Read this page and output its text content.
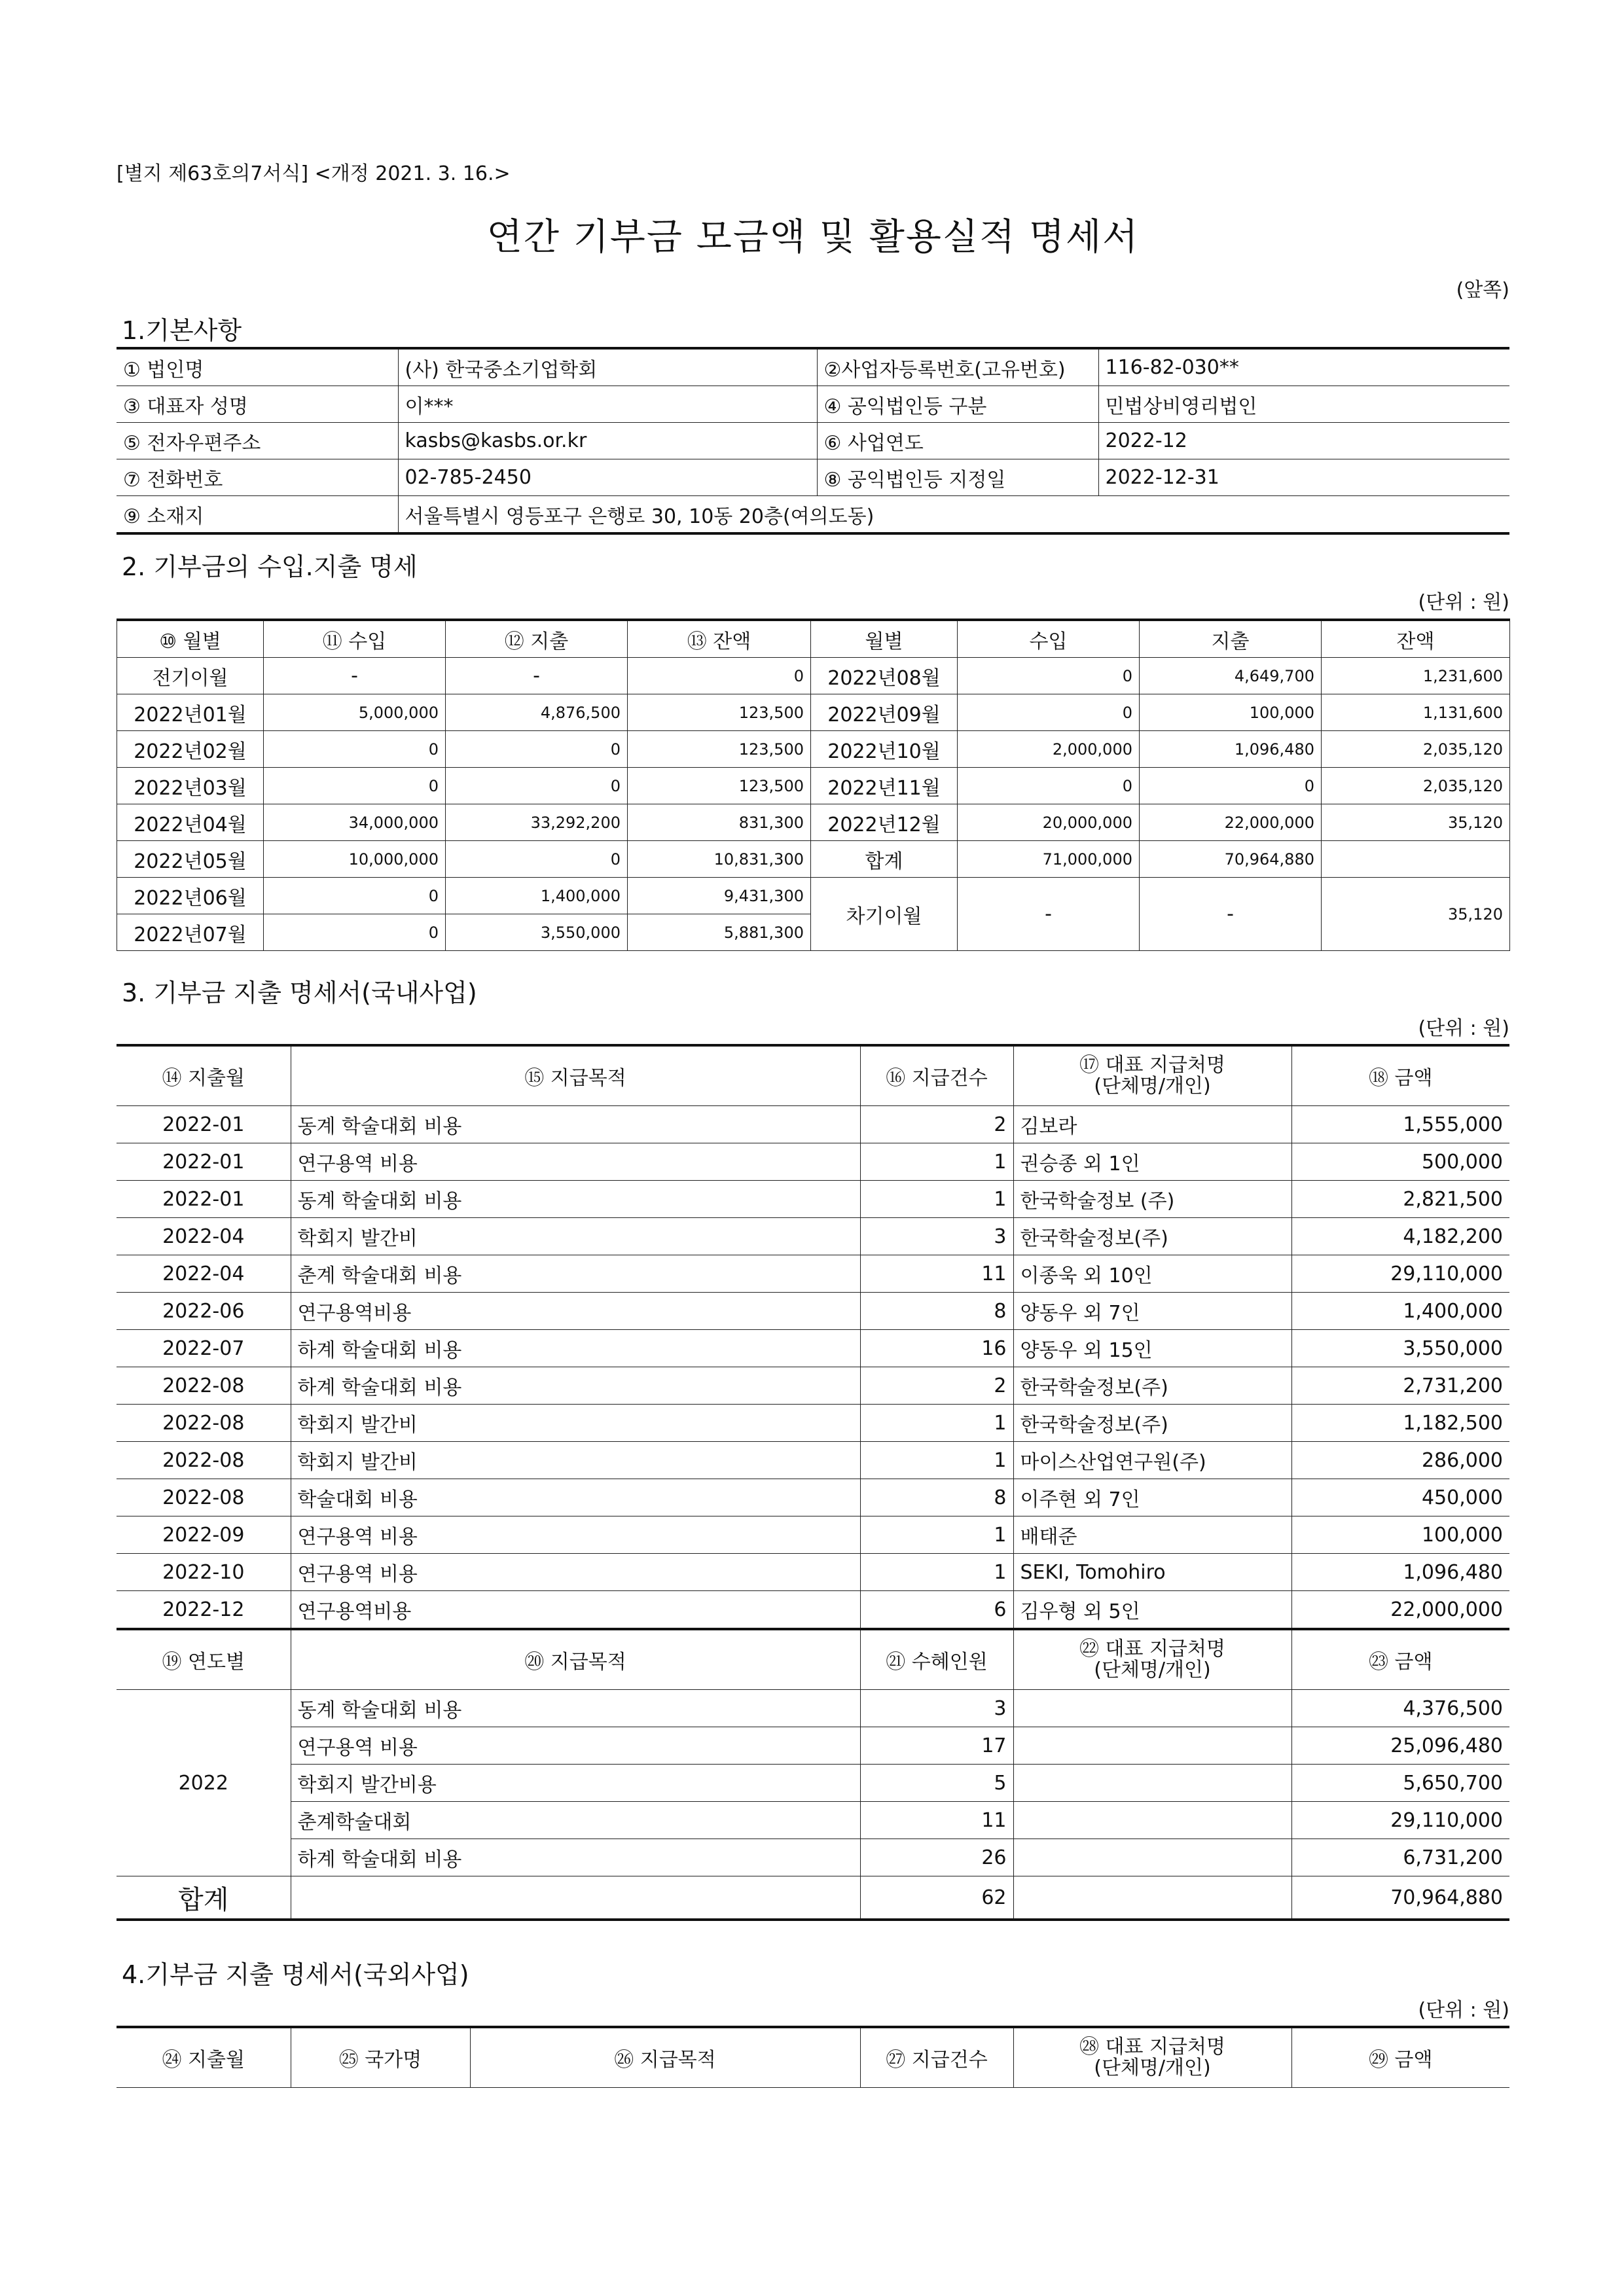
[별지 제63호의7서식] <개정 2021. 3. 16.>
연간 기부금 모금액 및 활용실적 명세서
(앞쪽)
1.기본사항
① 법인명	(사) 한국중소기업학회	②사업자등록번호(고유번호)	116-82-030**
③ 대표자 성명	이***	④ 공익법인등 구분	민법상비영리법인
⑤ 전자우편주소	kasbs@kasbs.or.kr	⑥ 사업연도	2022-12
⑦ 전화번호	02-785-2450	⑧ 공익법인등 지정일	2022-12-31
⑨ 소재지	서울특별시 영등포구 은행로 30, 10동 20층(여의도동)		
2. 기부금의 수입.지출 명세
(단위 : 원)
⑩ 월별	⑪ 수입	⑫ 지출	⑬ 잔액	월별	수입	지출	잔액
전기이월	-	-	0	2022년08월	0	4,649,700	1,231,600
2022년01월	5,000,000	4,876,500	123,500	2022년09월	0	100,000	1,131,600
2022년02월	0	0	123,500	2022년10월	2,000,000	1,096,480	2,035,120
2022년03월	0	0	123,500	2022년11월	0	0	2,035,120
2022년04월	34,000,000	33,292,200	831,300	2022년12월	20,000,000	22,000,000	35,120
2022년05월	10,000,000	0	10,831,300	합계	71,000,000	70,964,880	
2022년06월	0	1,400,000	9,431,300	차기이월	-	-	35,120
2022년07월	0	3,550,000	5,881,300				
3. 기부금 지출 명세서(국내사업)
(단위 : 원)
⑭ 지출월	⑮ 지급목적	⑯ 지급건수	⑰ 대표 지급처명
(단체명/개인)	⑱ 금액
2022-01	동계 학술대회 비용	2	김보라	1,555,000
2022-01	연구용역 비용	1	권승종 외 1인	500,000
2022-01	동계 학술대회 비용	1	한국학술정보 (주)	2,821,500
2022-04	학회지 발간비	3	한국학술정보(주)	4,182,200
2022-04	춘계 학술대회 비용	11	이종욱 외 10인	29,110,000
2022-06	연구용역비용	8	양동우 외 7인	1,400,000
2022-07	하계 학술대회 비용	16	양동우 외 15인	3,550,000
2022-08	하계 학술대회 비용	2	한국학술정보(주)	2,731,200
2022-08	학회지 발간비	1	한국학술정보(주)	1,182,500
2022-08	학회지 발간비	1	마이스산업연구원(주)	286,000
2022-08	학술대회 비용	8	이주현 외 7인	450,000
2022-09	연구용역 비용	1	배태준	100,000
2022-10	연구용역 비용	1	SEKI, Tomohiro	1,096,480
2022-12	연구용역비용	6	김우형 외 5인	22,000,000
⑲ 연도별	⑳ 지급목적	㉑ 수혜인원	㉒ 대표 지급처명
(단체명/개인)	㉓ 금액
2022	동계 학술대회 비용	3		4,376,500
	연구용역 비용	17		25,096,480
	학회지 발간비용	5		5,650,700
	춘계학술대회	11		29,110,000
	하계 학술대회 비용	26		6,731,200
합계		62		70,964,880
4.기부금 지출 명세서(국외사업)
(단위 : 원)
㉔ 지출월	㉕ 국가명	㉖ 지급목적	㉗ 지급건수	
㉘ 대표 지급처명
(단체명/개인)	㉙ 금액
